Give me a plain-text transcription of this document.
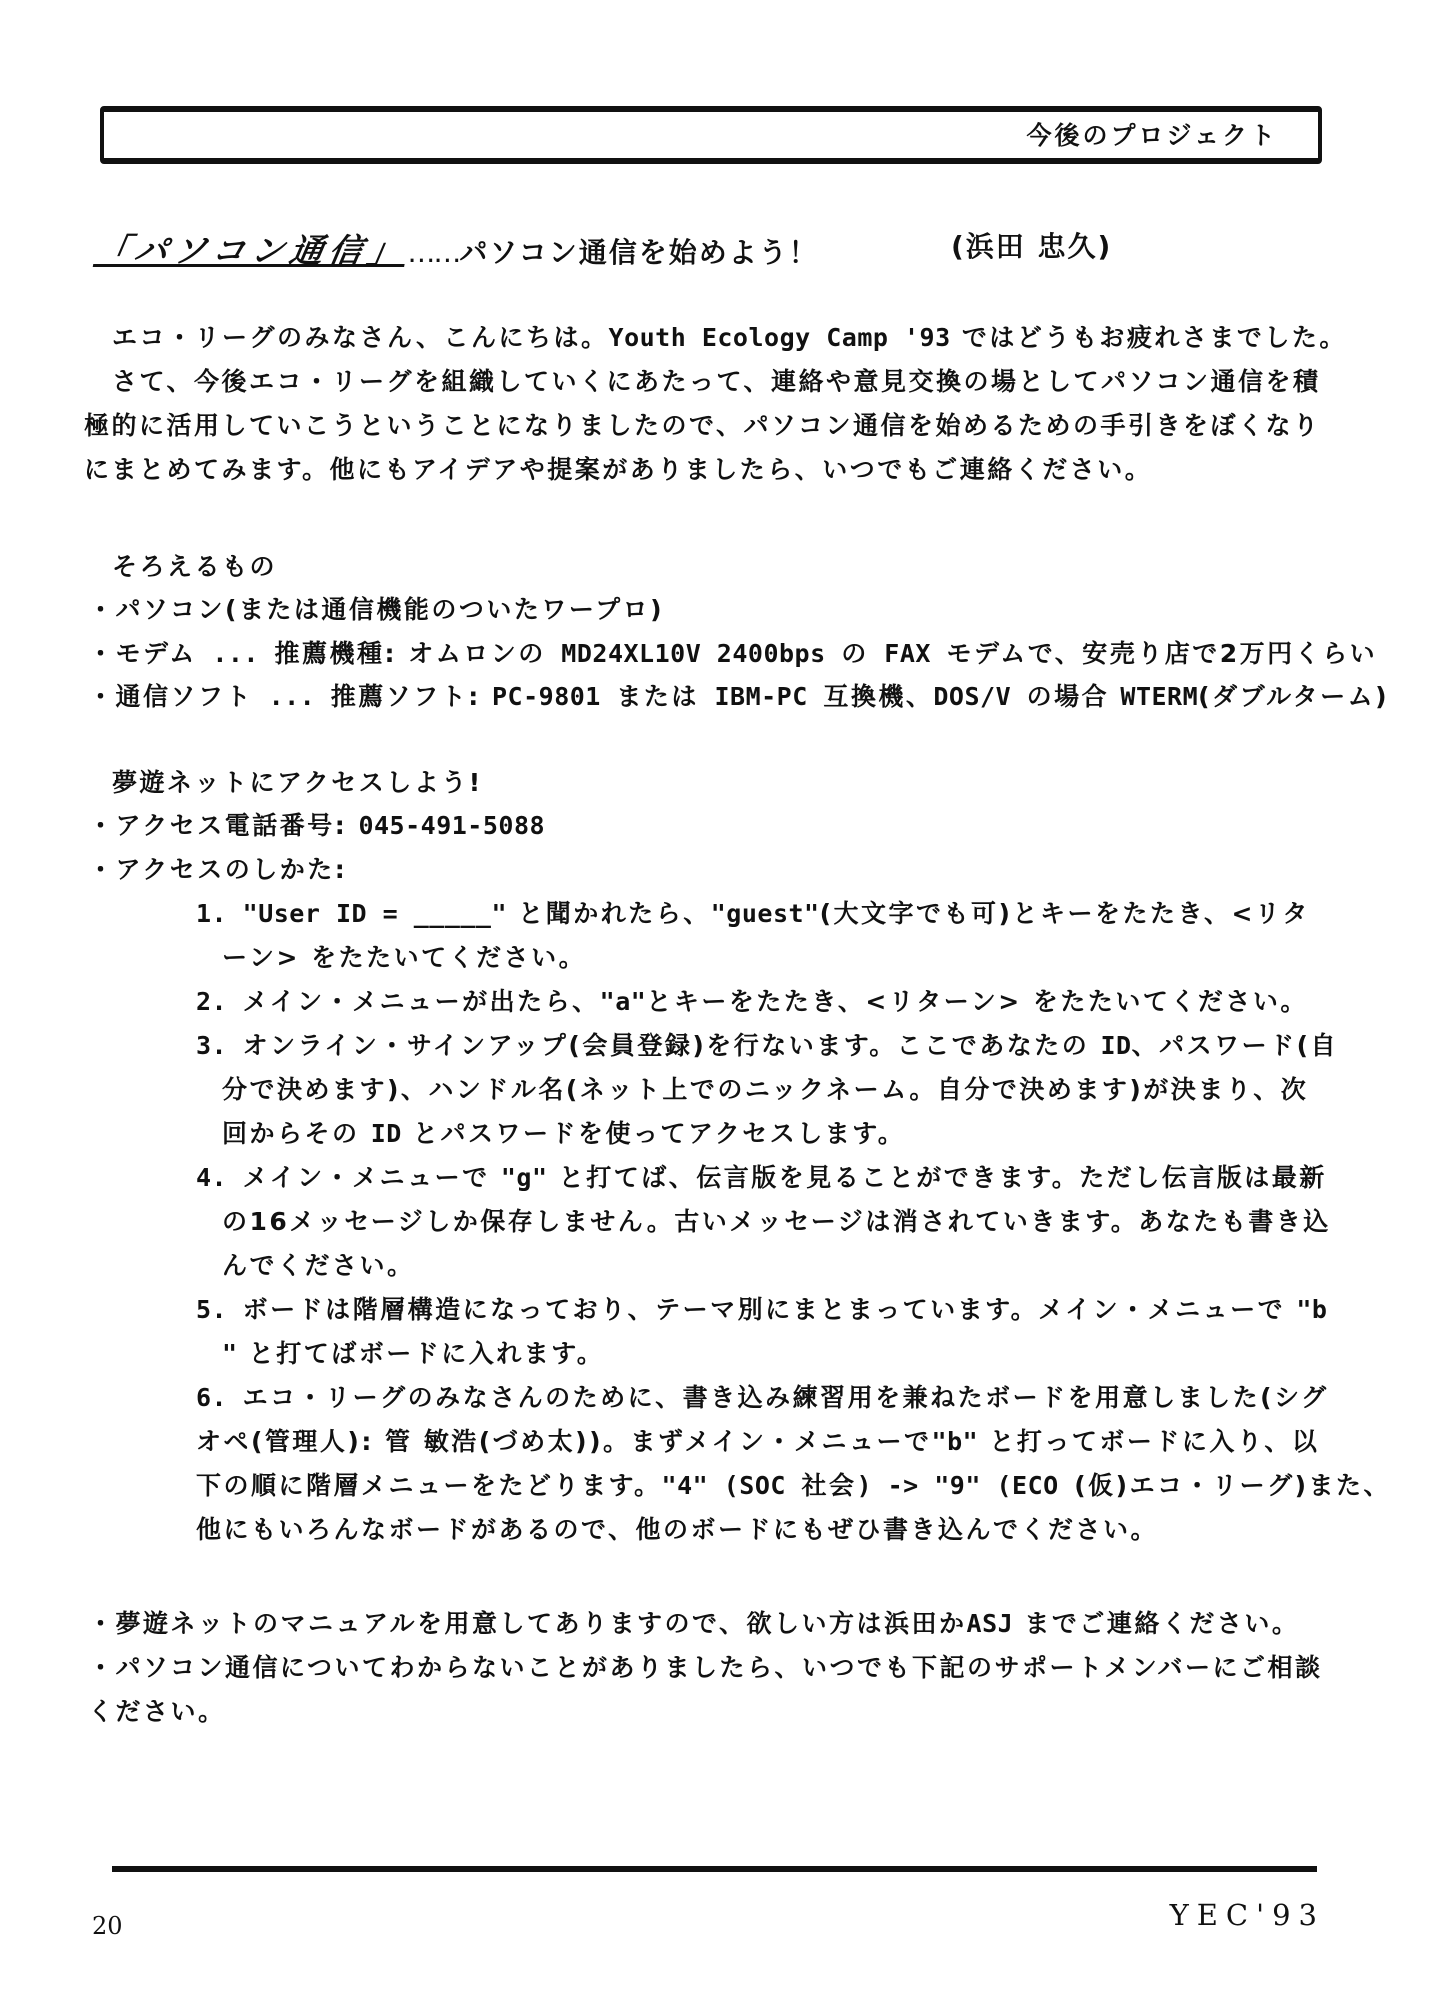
今後のプロジェクト
「パソコン通信」……パソコン通信を始めよう！	(浜田 忠久)
エコ・リーグのみなさん、こんにちは。Youth Ecology Camp '93 ではどうもお疲れさまでした。
さて、今後エコ・リーグを組織していくにあたって、連絡や意見交換の場としてパソコン通信を積
極的に活用していこうということになりましたので、パソコン通信を始めるための手引きをぼくなり
にまとめてみます。他にもアイデアや提案がありましたら、いつでもご連絡ください。
そろえるもの
・パソコン(または通信機能のついたワープロ)
・モデム ... 推薦機種: オムロンの MD24XL10V 2400bps の FAX モデムで、安売り店で2万円くらい
・通信ソフト ... 推薦ソフト: PC-9801 または IBM-PC 互換機、DOS/V の場合 WTERM(ダブルターム)
夢遊ネットにアクセスしよう!
・アクセス電話番号: 045-491-5088
・アクセスのしかた:
1. "User ID = _____" と聞かれたら、"guest"(大文字でも可)とキーをたたき、<リタ
ーン> をたたいてください。
2. メイン・メニューが出たら、"a"とキーをたたき、<リターン> をたたいてください。
3. オンライン・サインアップ(会員登録)を行ないます。ここであなたの ID、パスワード(自
分で決めます)、ハンドル名(ネット上でのニックネーム。自分で決めます)が決まり、次
回からその ID とパスワードを使ってアクセスします。
4. メイン・メニューで "g" と打てば、伝言版を見ることができます。ただし伝言版は最新
の16メッセージしか保存しません。古いメッセージは消されていきます。あなたも書き込
んでください。
5. ボードは階層構造になっており、テーマ別にまとまっています。メイン・メニューで "b
" と打てばボードに入れます。
6. エコ・リーグのみなさんのために、書き込み練習用を兼ねたボードを用意しました(シグ
オペ(管理人): 管 敏浩(づめ太))。まずメイン・メニューで"b" と打ってボードに入り、以
下の順に階層メニューをたどります。"4" (SOC 社会) -> "9" (ECO (仮)エコ・リーグ)また、
他にもいろんなボードがあるので、他のボードにもぜひ書き込んでください。
・夢遊ネットのマニュアルを用意してありますので、欲しい方は浜田かASJ までご連絡ください。
・パソコン通信についてわからないことがありましたら、いつでも下記のサポートメンバーにご相談
ください。
20	YEC'93
